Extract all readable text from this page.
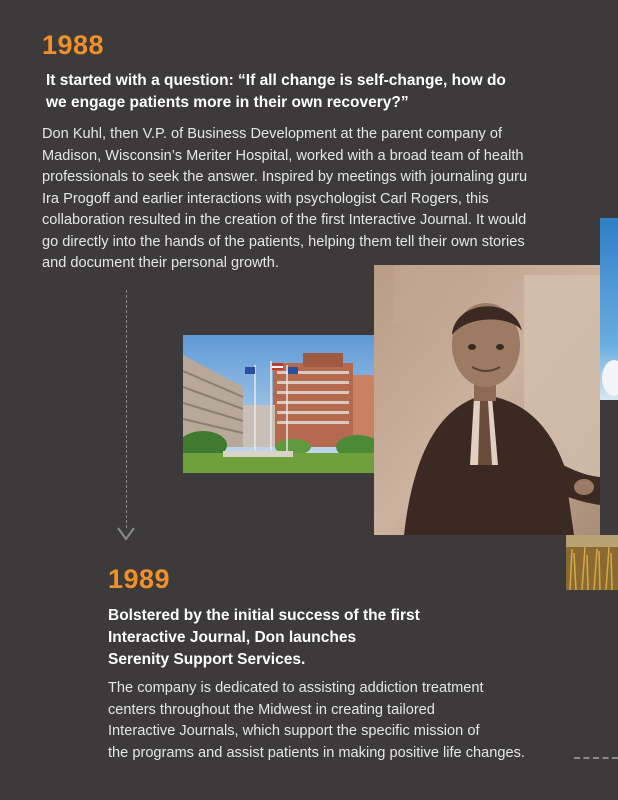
1988
It started with a question: “If all change is self-change, how do
we engage patients more in their own recovery?”
Don Kuhl, then V.P. of Business Development at the parent company of
Madison, Wisconsin’s Meriter Hospital, worked with a broad team of health
professionals to seek the answer. Inspired by meetings with journaling guru
Ira Progoff and earlier interactions with psychologist Carl Rogers, this
collaboration resulted in the creation of the first Interactive Journal. It would
go directly into the hands of the patients, helping them tell their own stories
and document their personal growth.
1989
Bolstered by the initial success of the first
Interactive Journal, Don launches
Serenity Support Services.
The company is dedicated to assisting addiction treatment
centers throughout the Midwest in creating tailored
Interactive Journals, which support the specific mission of
the programs and assist patients in making positive life changes.
